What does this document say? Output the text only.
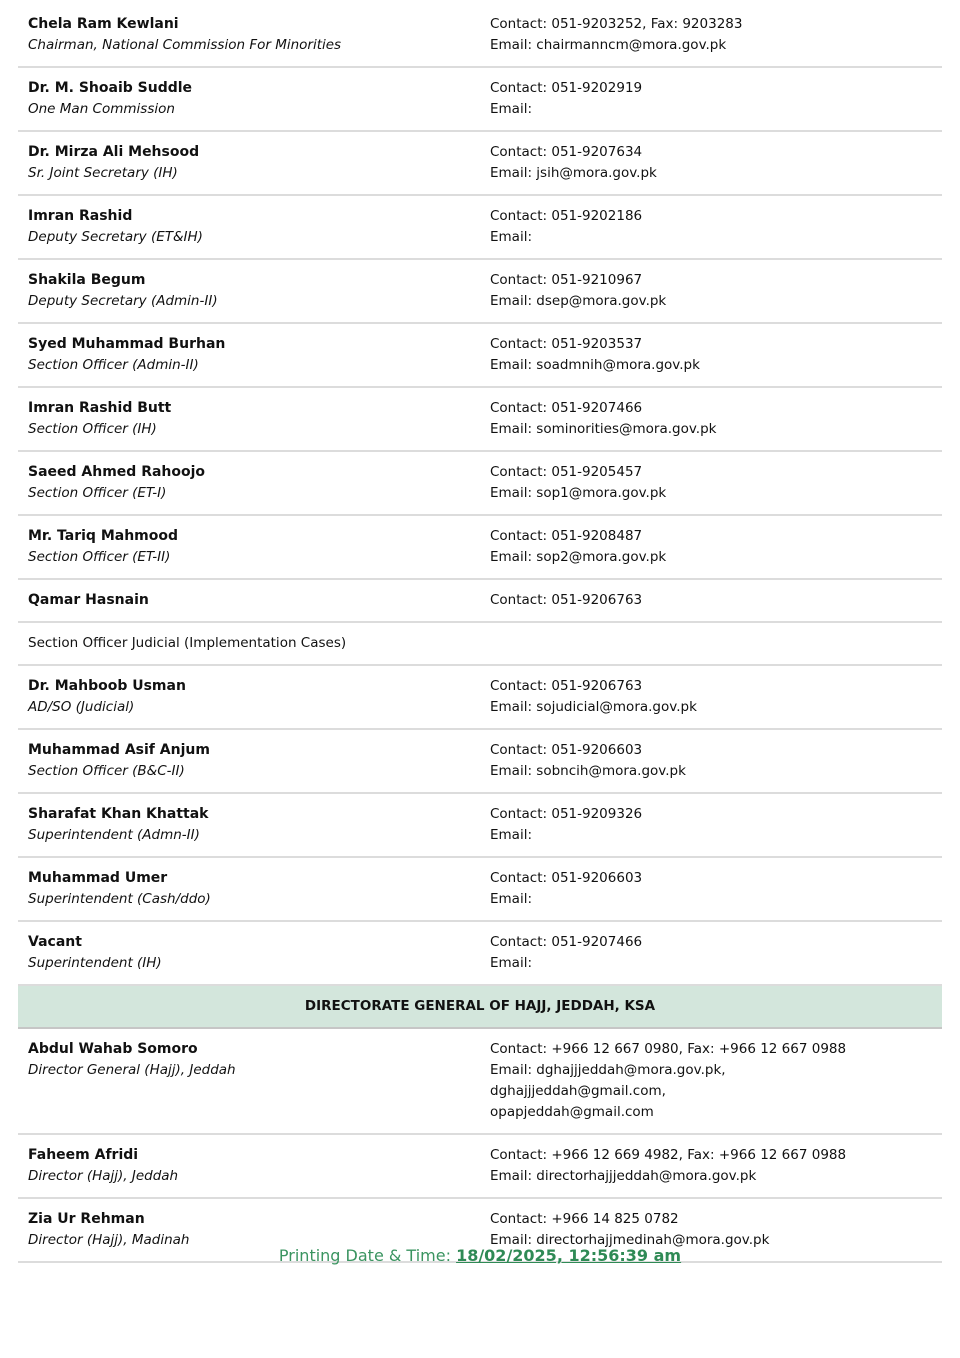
Chela Ram Kewlani
Chairman, National Commission For Minorities
Contact: 051-9203252, Fax: 9203283
Email: chairmanncm@mora.gov.pk
Dr. M. Shoaib Suddle
One Man Commission
Contact: 051-9202919
Email:
Dr. Mirza Ali Mehsood
Sr. Joint Secretary (IH)
Contact: 051-9207634
Email: jsih@mora.gov.pk
Imran Rashid
Deputy Secretary (ET&IH)
Contact: 051-9202186
Email:
Shakila Begum
Deputy Secretary (Admin-II)
Contact: 051-9210967
Email: dsep@mora.gov.pk
Syed Muhammad Burhan
Section Officer (Admin-II)
Contact: 051-9203537
Email: soadmnih@mora.gov.pk
Imran Rashid Butt
Section Officer (IH)
Contact: 051-9207466
Email: sominorities@mora.gov.pk
Saeed Ahmed Rahoojo
Section Officer (ET-I)
Contact: 051-9205457
Email: sop1@mora.gov.pk
Mr. Tariq Mahmood
Section Officer (ET-II)
Contact: 051-9208487
Email: sop2@mora.gov.pk
Qamar Hasnain	Contact: 051-9206763
Section Officer Judicial (Implementation Cases)
Dr. Mahboob Usman
AD/SO (Judicial)
Contact: 051-9206763
Email: sojudicial@mora.gov.pk
Muhammad Asif Anjum
Section Officer (B&C-II)
Contact: 051-9206603
Email: sobncih@mora.gov.pk
Sharafat Khan Khattak
Superintendent (Admn-II)
Contact: 051-9209326
Email:
Muhammad Umer
Superintendent (Cash/ddo)
Contact: 051-9206603
Email:
Vacant
Superintendent (IH)
Contact: 051-9207466
Email:
DIRECTORATE GENERAL OF HAJJ, JEDDAH, KSA
Abdul Wahab Somoro
Director General (Hajj), Jeddah
Contact: +966 12 667 0980, Fax: +966 12 667 0988
Email: dghajjjeddah@mora.gov.pk,
dghajjjeddah@gmail.com,
opapjeddah@gmail.com
Faheem Afridi
Director (Hajj), Jeddah
Contact: +966 12 669 4982, Fax: +966 12 667 0988
Email: directorhajjjeddah@mora.gov.pk
Zia Ur Rehman
Director (Hajj), Madinah
Contact: +966 14 825 0782
Email: directorhajjmedinah@mora.gov.pk
Printing Date & Time: 18/02/2025, 12:56:39 am
